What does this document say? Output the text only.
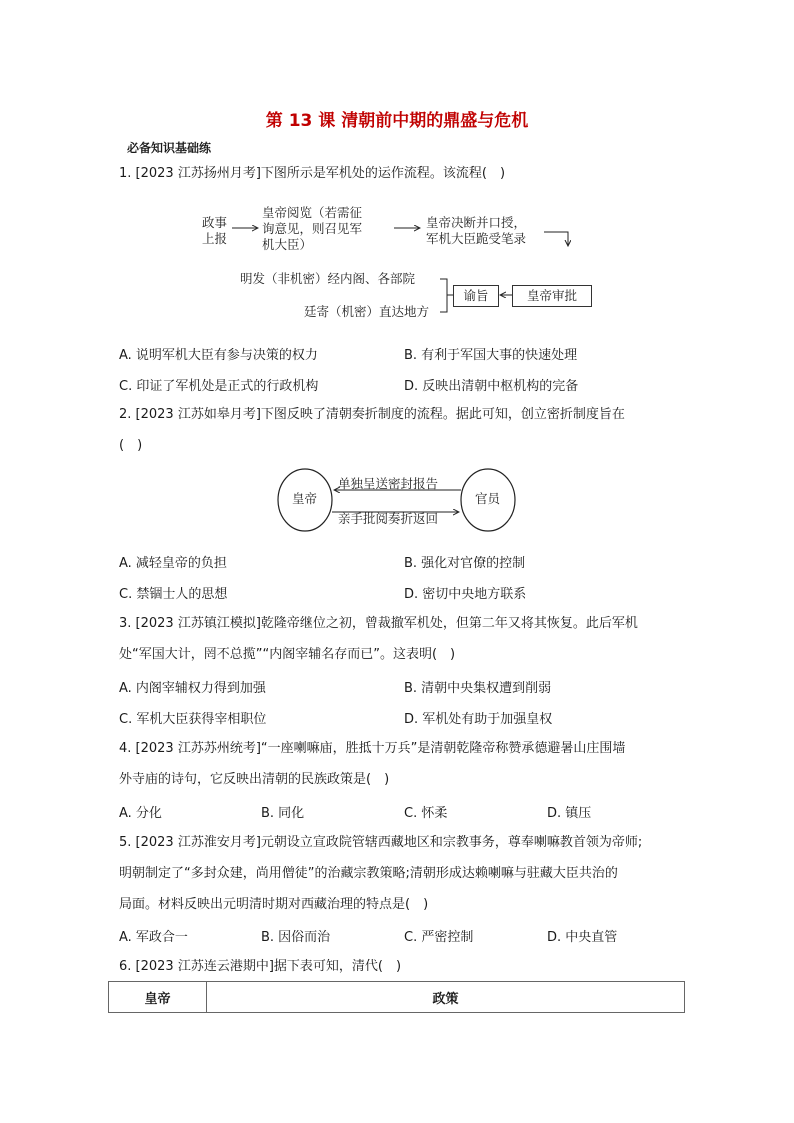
第 13 课 清朝前中期的鼎盛与危机
必备知识基础练
1. [2023 江苏扬州月考]下图所示是军机处的运作流程。该流程(　)
政事
上报
皇帝阅览（若需征
询意见，则召见军
机大臣）
皇帝决断并口授，
军机大臣跪受笔录
明发（非机密）经内阁、各部院
廷寄（机密）直达地方
谕旨	皇帝审批
A. 说明军机大臣有参与决策的权力	B. 有利于军国大事的快速处理
C. 印证了军机处是正式的行政机构	D. 反映出清朝中枢机构的完备
2. [2023 江苏如皋月考]下图反映了清朝奏折制度的流程。据此可知，创立密折制度旨在
(　)
皇帝	官员
单独呈送密封报告
亲手批阅奏折返回
A. 减轻皇帝的负担	B. 强化对官僚的控制
C. 禁锢士人的思想	D. 密切中央地方联系
3. [2023 江苏镇江模拟]乾隆帝继位之初，曾裁撤军机处，但第二年又将其恢复。此后军机
处“军国大计，罔不总揽”“内阁宰辅名存而已”。这表明(　)
A. 内阁宰辅权力得到加强	B. 清朝中央集权遭到削弱
C. 军机大臣获得宰相职位	D. 军机处有助于加强皇权
4. [2023 江苏苏州统考]“一座喇嘛庙，胜抵十万兵”是清朝乾隆帝称赞承德避暑山庄围墙
外寺庙的诗句，它反映出清朝的民族政策是(　)
A. 分化	B. 同化	C. 怀柔	D. 镇压
5. [2023 江苏淮安月考]元朝设立宣政院管辖西藏地区和宗教事务，尊奉喇嘛教首领为帝师;
明朝制定了“多封众建，尚用僧徒”的治藏宗教策略;清朝形成达赖喇嘛与驻藏大臣共治的
局面。材料反映出元明清时期对西藏治理的特点是(　)
A. 军政合一	B. 因俗而治	C. 严密控制	D. 中央直管
6. [2023 江苏连云港期中]据下表可知，清代(　)
皇帝	政策
